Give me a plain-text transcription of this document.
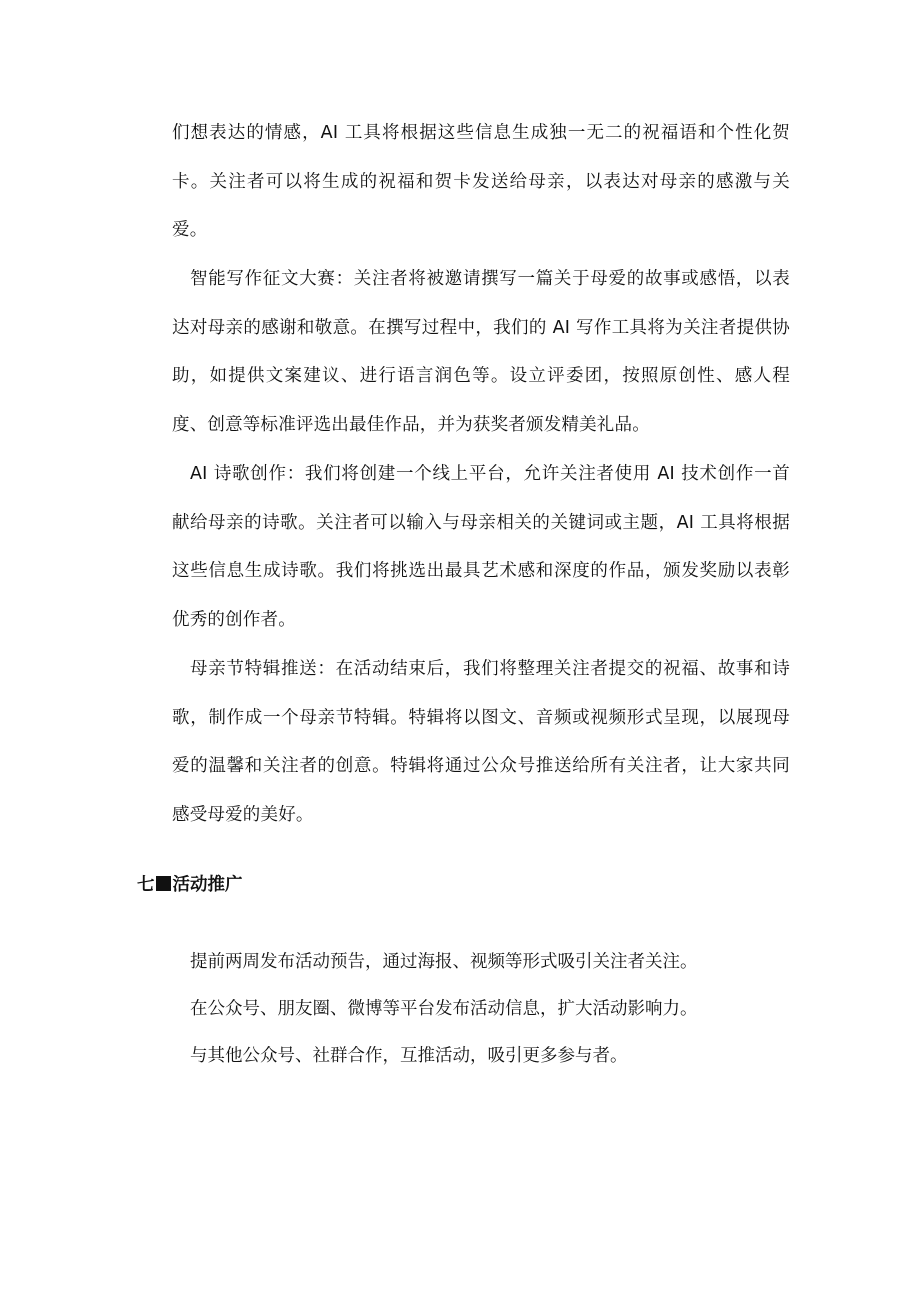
们想表达的情感，AI 工具将根据这些信息生成独一无二的祝福语和个性化贺卡。关注者可以将生成的祝福和贺卡发送给母亲，以表达对母亲的感激与关爱。

智能写作征文大赛：关注者将被邀请撰写一篇关于母爱的故事或感悟，以表达对母亲的感谢和敬意。在撰写过程中，我们的 AI 写作工具将为关注者提供协助，如提供文案建议、进行语言润色等。设立评委团，按照原创性、感人程度、创意等标准评选出最佳作品，并为获奖者颁发精美礼品。

AI 诗歌创作：我们将创建一个线上平台，允许关注者使用 AI 技术创作一首献给母亲的诗歌。关注者可以输入与母亲相关的关键词或主题，AI 工具将根据这些信息生成诗歌。我们将挑选出最具艺术感和深度的作品，颁发奖励以表彰优秀的创作者。

母亲节特辑推送：在活动结束后，我们将整理关注者提交的祝福、故事和诗歌，制作成一个母亲节特辑。特辑将以图文、音频或视频形式呈现，以展现母爱的温馨和关注者的创意。特辑将通过公众号推送给所有关注者，让大家共同感受母爱的美好。

七 活动推广

提前两周发布活动预告，通过海报、视频等形式吸引关注者关注。

在公众号、朋友圈、微博等平台发布活动信息，扩大活动影响力。

与其他公众号、社群合作，互推活动，吸引更多参与者。
